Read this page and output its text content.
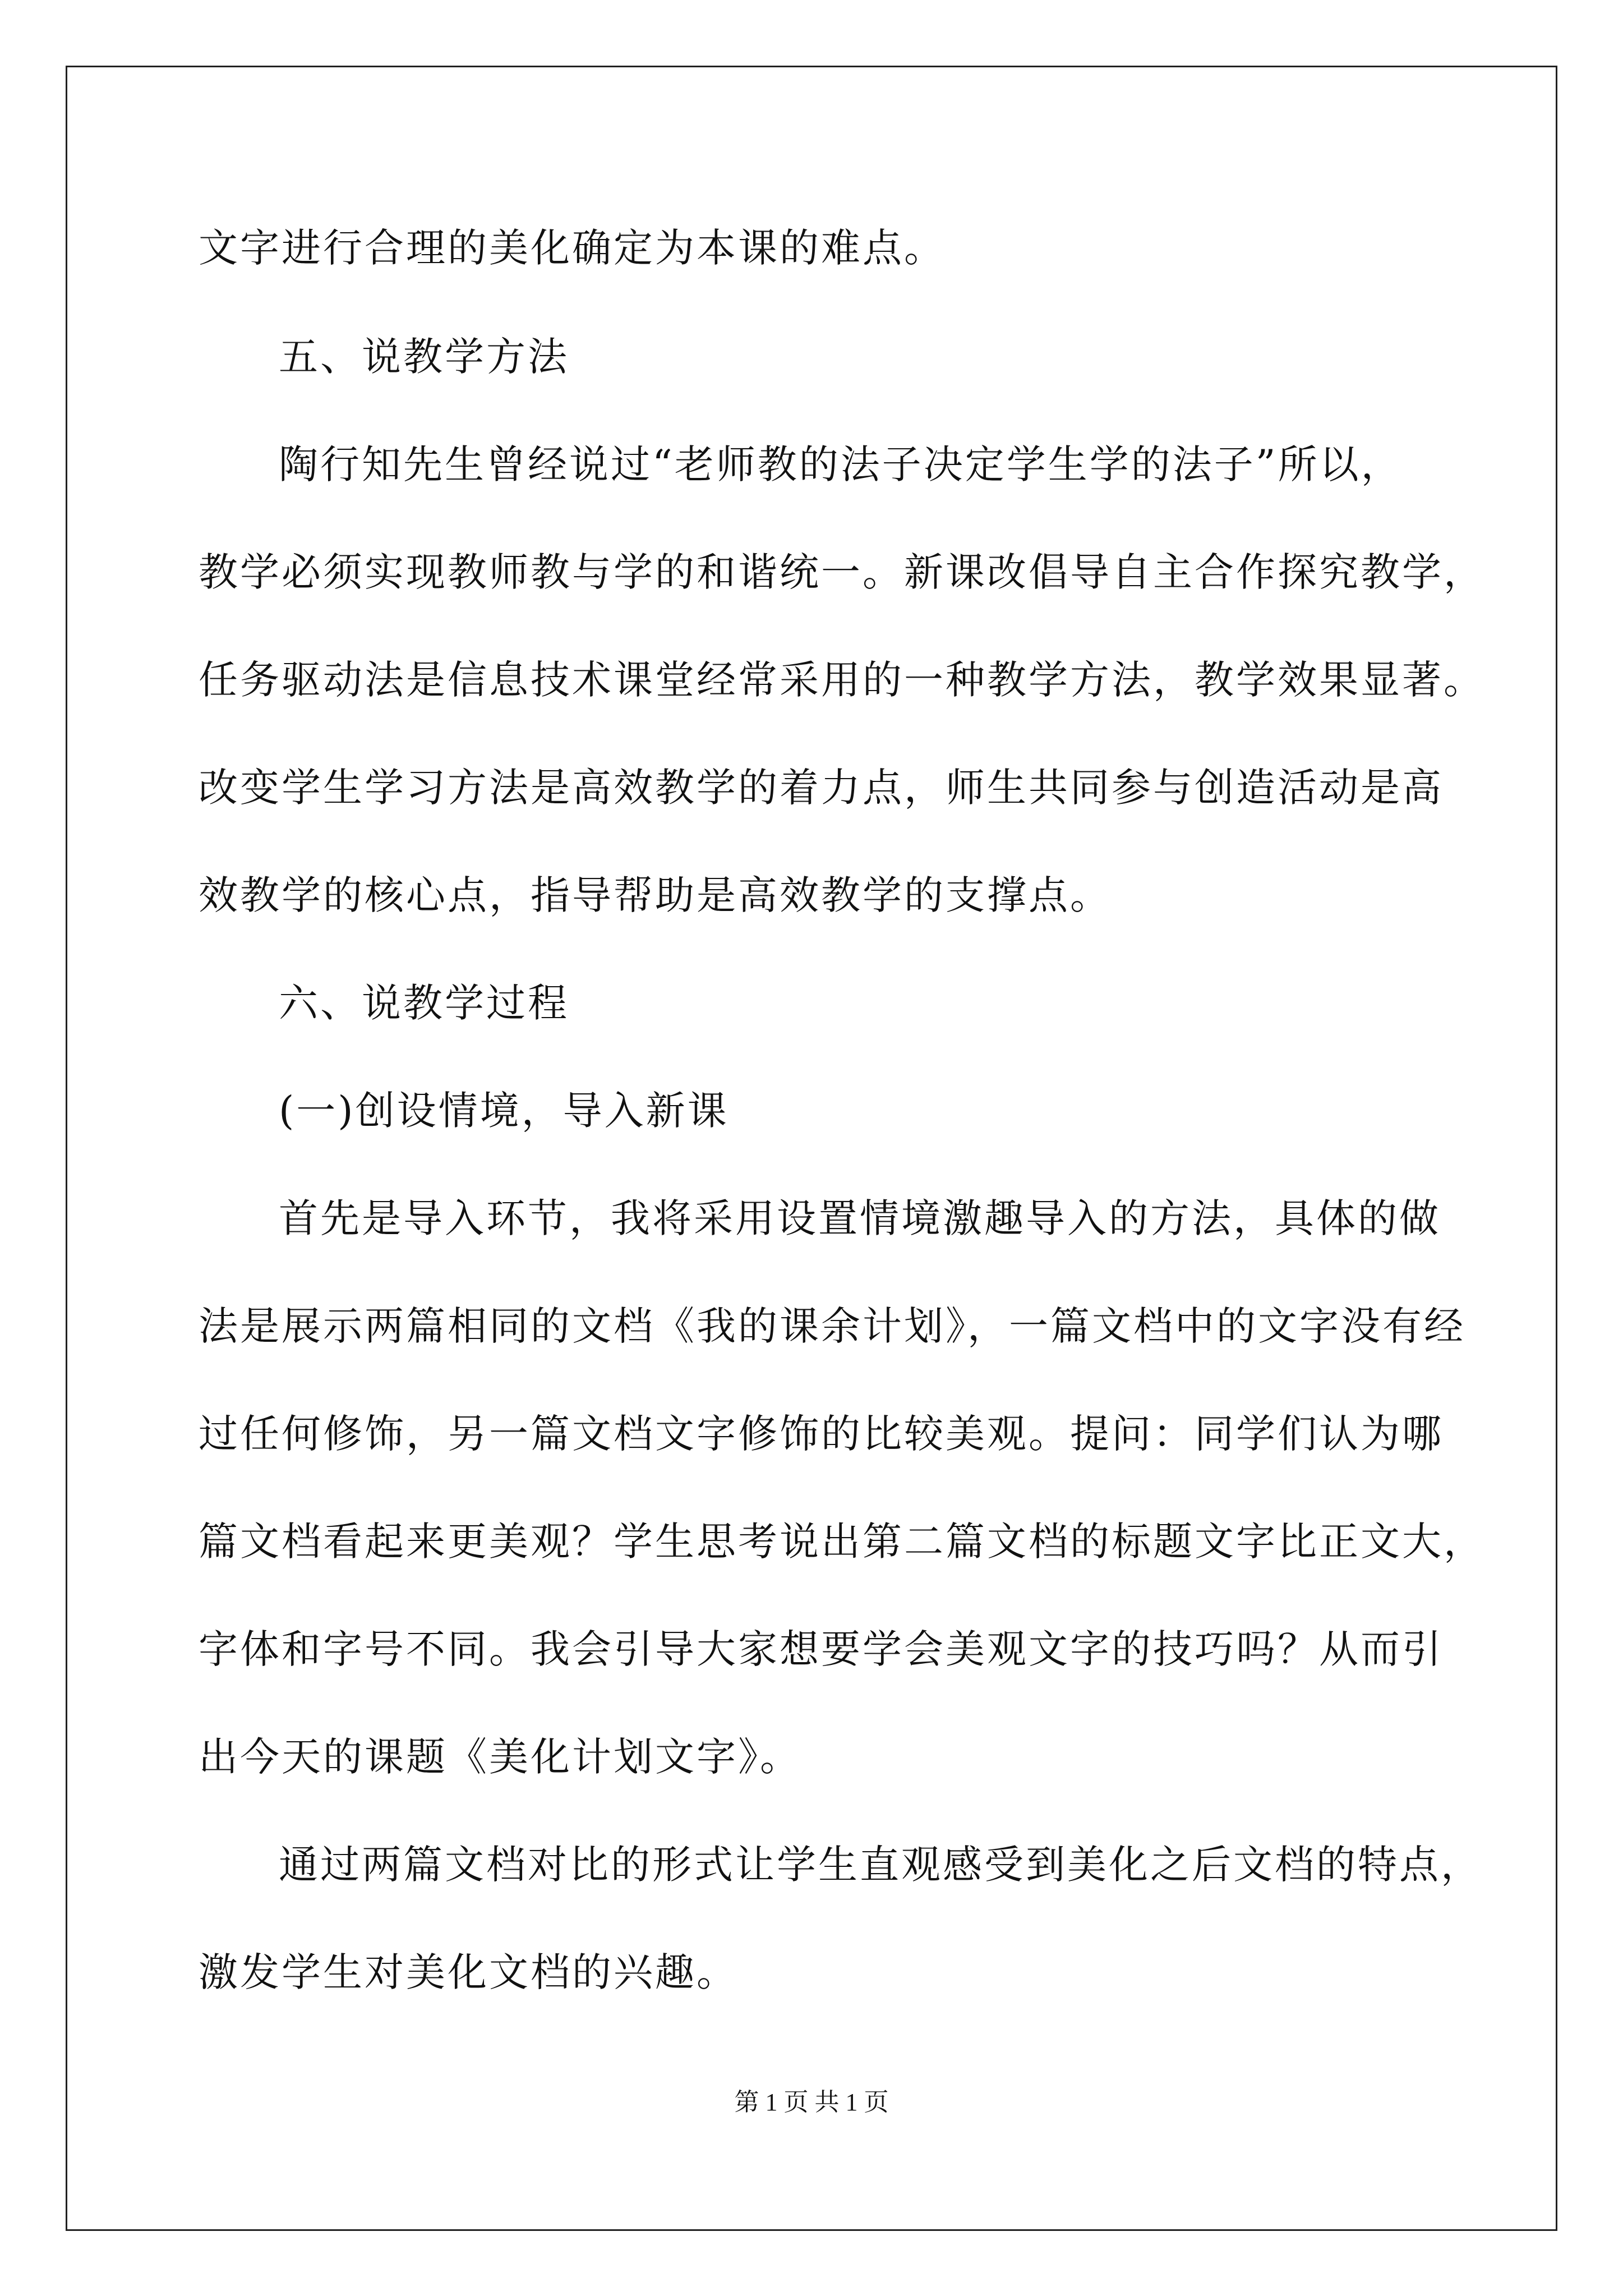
文字进行合理的美化确定为本课的难点。
五、说教学方法
陶行知先生曾经说过“老师教的法子决定学生学的法子”所以，
教学必须实现教师教与学的和谐统一。新课改倡导自主合作探究教学，
任务驱动法是信息技术课堂经常采用的一种教学方法，教学效果显著。
改变学生学习方法是高效教学的着力点，师生共同参与创造活动是高
效教学的核心点，指导帮助是高效教学的支撑点。
六、说教学过程
(一)创设情境，导入新课
首先是导入环节，我将采用设置情境激趣导入的方法，具体的做
法是展示两篇相同的文档《我的课余计划》，一篇文档中的文字没有经
过任何修饰，另一篇文档文字修饰的比较美观。提问：同学们认为哪
篇文档看起来更美观？学生思考说出第二篇文档的标题文字比正文大，
字体和字号不同。我会引导大家想要学会美观文字的技巧吗？从而引
出今天的课题《美化计划文字》。
通过两篇文档对比的形式让学生直观感受到美化之后文档的特点，
激发学生对美化文档的兴趣。
第 1 页 共 1 页
